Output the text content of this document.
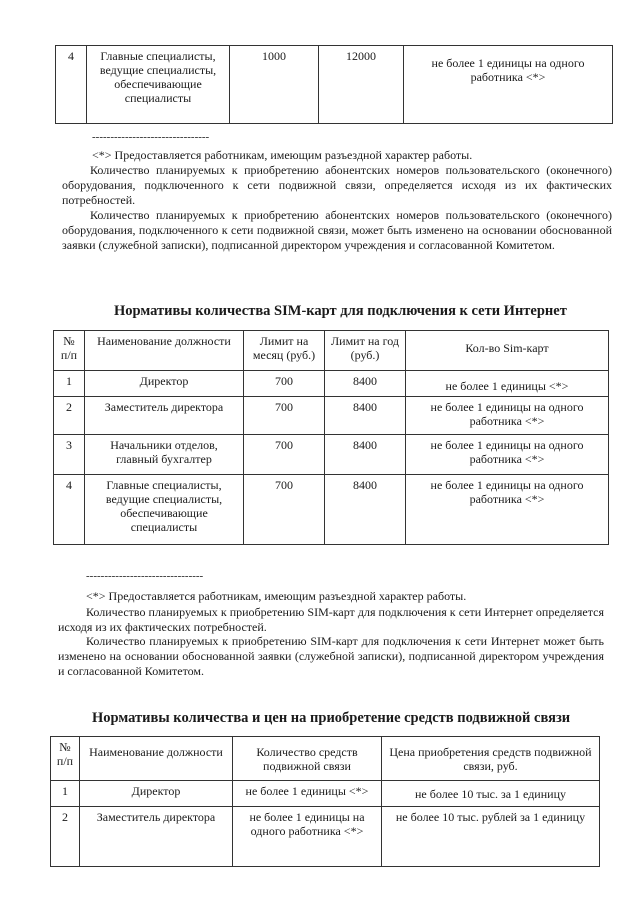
4	Главные специалисты, ведущие специалисты, обеспечивающие специалисты	1000	12000	не более 1 единицы на одного работника <*>
--------------------------------
<*> Предоставляется работникам, имеющим разъездной характер работы.
Количество планируемых к приобретению абонентских номеров пользовательского (оконечного) оборудования, подключенного к сети подвижной связи, определяется исходя из их фактических потребностей.
Количество планируемых к приобретению абонентских номеров пользовательского (оконечного) оборудования, подключенного к сети подвижной связи, может быть изменено на основании обоснованной заявки (служебной записки), подписанной директором учреждения и согласованной Комитетом.
Нормативы количества SIM-карт для подключения к сети Интернет
№ п/п	Наименование должности	Лимит на месяц (руб.)	Лимит на год (руб.)	Кол-во Sim-карт
1	Директор	700	8400	не более 1 единицы <*>
2	Заместитель директора	700	8400	не более 1 единицы на одного работника <*>
3	Начальники отделов, главный бухгалтер	700	8400	не более 1 единицы на одного работника <*>
4	Главные специалисты, ведущие специалисты, обеспечивающие специалисты	700	8400	не более 1 единицы на одного работника <*>
--------------------------------
<*> Предоставляется работникам, имеющим разъездной характер работы.
Количество планируемых к приобретению SIM-карт для подключения к сети Интернет определяется исходя из их фактических потребностей.
Количество планируемых к приобретению SIM-карт для подключения к сети Интернет может быть изменено на основании обоснованной заявки (служебной записки), подписанной директором учреждения и согласованной Комитетом.
Нормативы количества и цен на приобретение средств подвижной связи
№ п/п	Наименование должности	Количество средств подвижной связи	Цена приобретения средств подвижной связи, руб.
1	Директор	не более 1 единицы <*>	не более 10 тыс. за 1 единицу
2	Заместитель директора	не более 1 единицы на одного работника <*>	не более 10 тыс. рублей за 1 единицу
